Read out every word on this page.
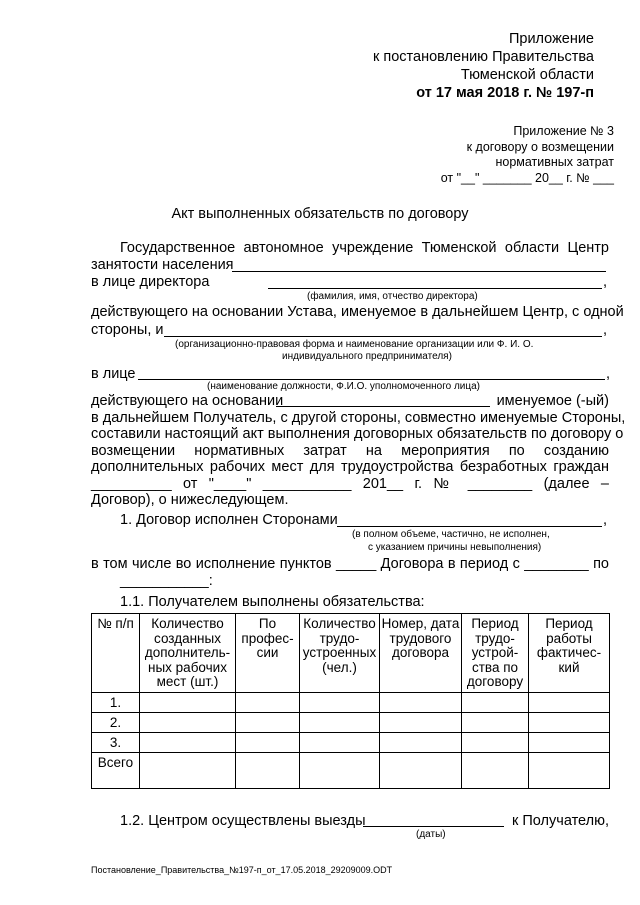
Приложение
к постановлению Правительства
Тюменской области
от 17 мая 2018 г. № 197-п
Приложение № 3
к договору о возмещении
нормативных затрат
от "__" _______ 20__ г. № ___
Акт выполненных обязательств по договору
Государственное автономное учреждение Тюменской области Центр
занятости населения
в лице директора	,
(фамилия, имя, отчество директора)
действующего на основании Устава, именуемое в дальнейшем Центр, с одной
стороны, и	,
(организационно-правовая форма и наименование организации или Ф. И. О.
индивидуального предпринимателя)
в лице	,
(наименование должности, Ф.И.О. уполномоченного лица)
действующего на основании	именуемое (-ый)
в дальнейшем Получатель, с другой стороны, совместно именуемые Стороны,
составили настоящий акт выполнения договорных обязательств по договору о
возмещении нормативных затрат на мероприятия по созданию
дополнительных рабочих мест для трудоустройства безработных граждан
__________ от "____" ___________ 201__ г. № ________ (далее –
Договор), о нижеследующем.
1. Договор исполнен Сторонами	,
(в полном объеме, частично, не исполнен,
с указанием причины невыполнения)
в том числе во исполнение пунктов _____ Договора в период с ________ по
___________:
1.1. Получателем выполнены обязательства:
№ п/п	Количество созданных дополнитель-ных рабочих мест (шт.)	По профес-сии	Количество трудо-устроенных (чел.)	Номер, дата трудового договора	Период трудо-устрой-ства по договору	Период работы фактичес-кий
1.						
2.						
3.						
Всего						
1.2. Центром осуществлены выезды	к Получателю,
(даты)
Постановление_Правительства_№197-п_от_17.05.2018_29209009.ODT
